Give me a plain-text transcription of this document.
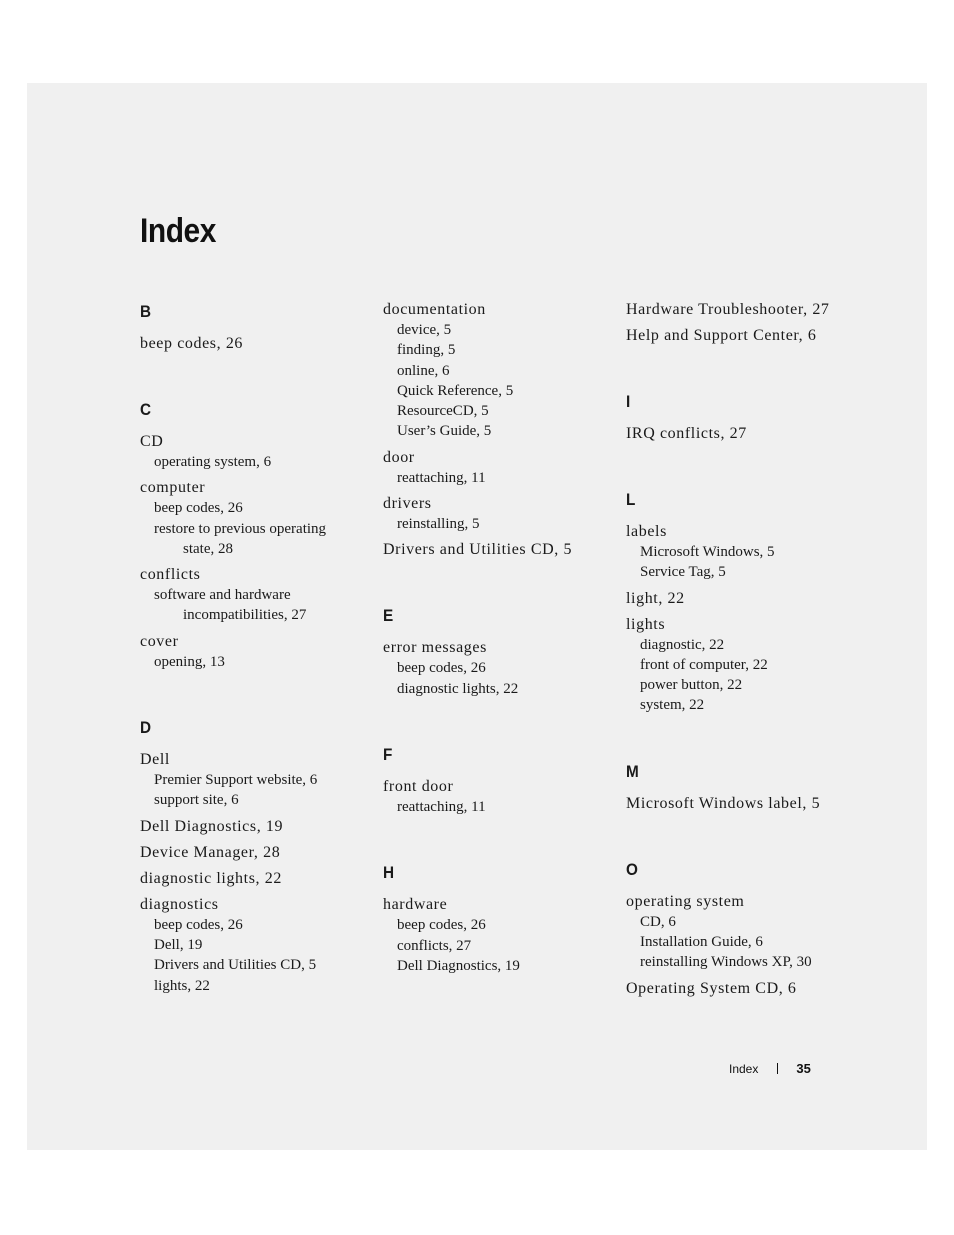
Index
B
beep codes, 26
C
CD
operating system, 6
computer
beep codes, 26
restore to previous operating
state, 28
conflicts
software and hardware
incompatibilities, 27
cover
opening, 13
D
Dell
Premier Support website, 6
support site, 6
Dell Diagnostics, 19
Device Manager, 28
diagnostic lights, 22
diagnostics
beep codes, 26
Dell, 19
Drivers and Utilities CD, 5
lights, 22
documentation
device, 5
finding, 5
online, 6
Quick Reference, 5
ResourceCD, 5
User’s Guide, 5
door
reattaching, 11
drivers
reinstalling, 5
Drivers and Utilities CD, 5
E
error messages
beep codes, 26
diagnostic lights, 22
F
front door
reattaching, 11
H
hardware
beep codes, 26
conflicts, 27
Dell Diagnostics, 19
Hardware Troubleshooter, 27
Help and Support Center, 6
I
IRQ conflicts, 27
L
labels
Microsoft Windows, 5
Service Tag, 5
light, 22
lights
diagnostic, 22
front of computer, 22
power button, 22
system, 22
M
Microsoft Windows label, 5
O
operating system
CD, 6
Installation Guide, 6
reinstalling Windows XP, 30
Operating System CD, 6
Index	35
